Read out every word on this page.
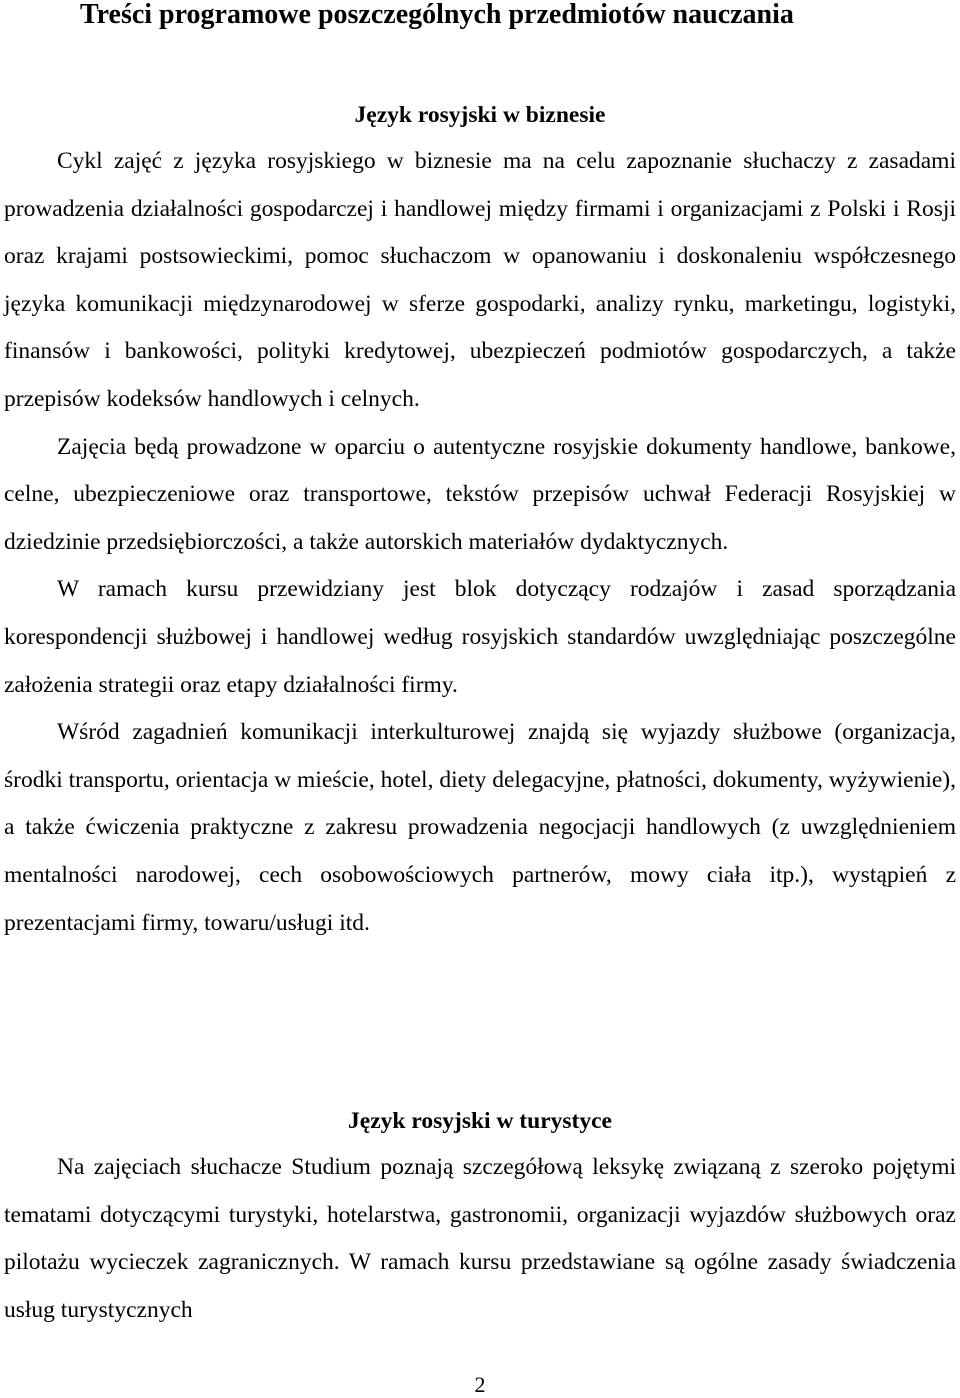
Treści programowe poszczególnych przedmiotów nauczania
Język rosyjski w biznesie

Cykl zajęć z języka rosyjskiego w biznesie ma na celu zapoznanie słuchaczy z zasadami prowadzenia działalności gospodarczej i handlowej między firmami i organizacjami z Polski i Rosji oraz krajami postsowieckimi, pomoc słuchaczom w opanowaniu i doskonaleniu współczesnego języka komunikacji międzynarodowej w sferze gospodarki, analizy rynku, marketingu, logistyki, finansów i bankowości, polityki kredytowej, ubezpieczeń podmiotów gospodarczych, a także przepisów kodeksów handlowych i celnych.

Zajęcia będą prowadzone w oparciu o autentyczne rosyjskie dokumenty handlowe, bankowe, celne, ubezpieczeniowe oraz transportowe, tekstów przepisów uchwał Federacji Rosyjskiej w dziedzinie przedsiębiorczości, a także autorskich materiałów dydaktycznych.

W ramach kursu przewidziany jest blok dotyczący rodzajów i zasad sporządzania korespondencji służbowej i handlowej według rosyjskich standardów uwzględniając poszczególne założenia strategii oraz etapy działalności firmy.

Wśród zagadnień komunikacji interkulturowej znajdą się wyjazdy służbowe (organizacja, środki transportu, orientacja w mieście, hotel, diety delegacyjne, płatności, dokumenty, wyżywienie), a także ćwiczenia praktyczne z zakresu prowadzenia negocjacji handlowych (z uwzględnieniem mentalności narodowej, cech osobowościowych partnerów, mowy ciała itp.), wystąpień z prezentacjami firmy, towaru/usługi itd.

Język rosyjski w turystyce

Na zajęciach słuchacze Studium poznają szczegółową leksykę związaną z szeroko pojętymi tematami dotyczącymi turystyki, hotelarstwa, gastronomii, organizacji wyjazdów służbowych oraz pilotażu wycieczek zagranicznych. W ramach kursu przedstawiane są ogólne zasady świadczenia usług turystycznych

2
